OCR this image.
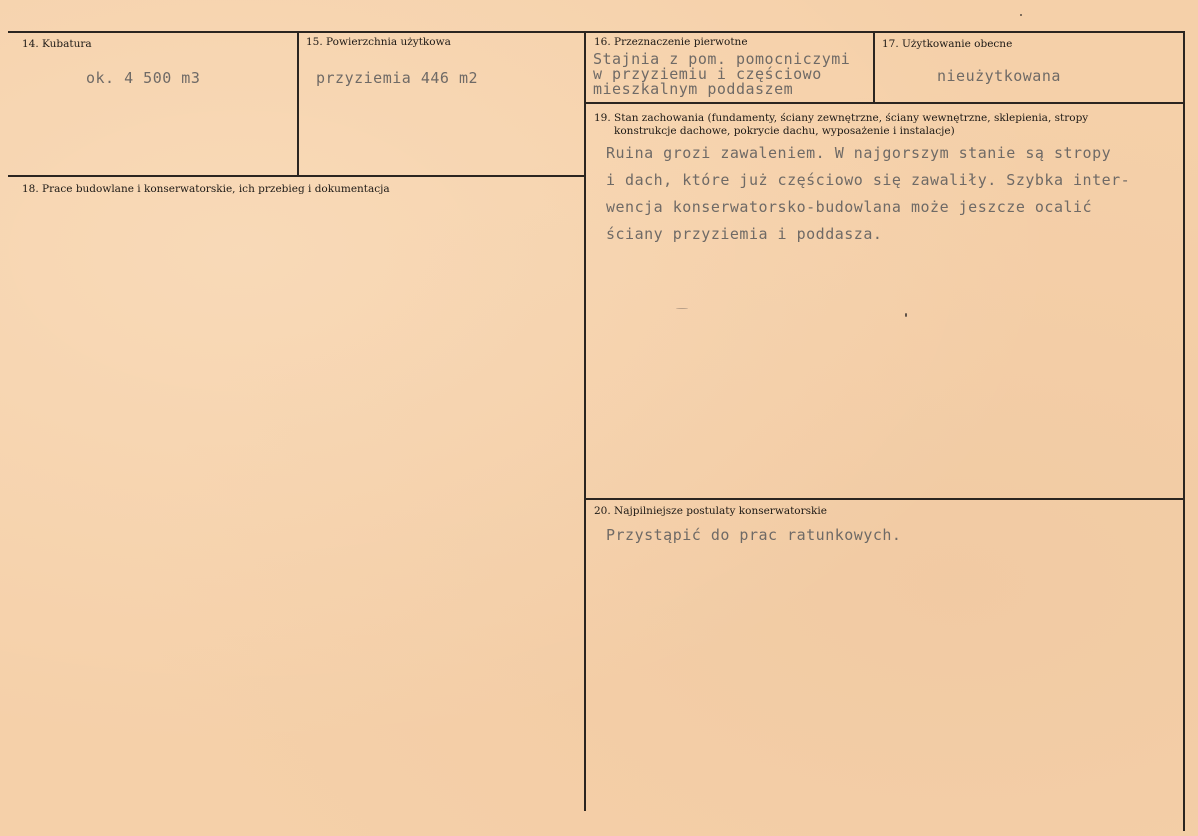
14. Kubatura
ok. 4 500 m3
15. Powierzchnia użytkowa
przyziemia 446 m2
16. Przeznaczenie pierwotne
Stajnia z pom. pomocniczymi
w przyziemiu i częściowo
mieszkalnym poddaszem
17. Użytkowanie obecne
nieużytkowana
18. Prace budowlane i konserwatorskie, ich przebieg i dokumentacja
19. Stan zachowania (fundamenty, ściany zewnętrzne, ściany wewnętrzne, sklepienia, stropy
konstrukcje dachowe, pokrycie dachu, wyposażenie i instalacje)
Ruina grozi zawaleniem. W najgorszym stanie są stropy
i dach, które już częściowo się zawaliły. Szybka inter-
wencja konserwatorsko-budowlana może jeszcze ocalić
ściany przyziemia i poddasza.
20. Najpilniejsze postulaty konserwatorskie
Przystąpić do prac ratunkowych.
